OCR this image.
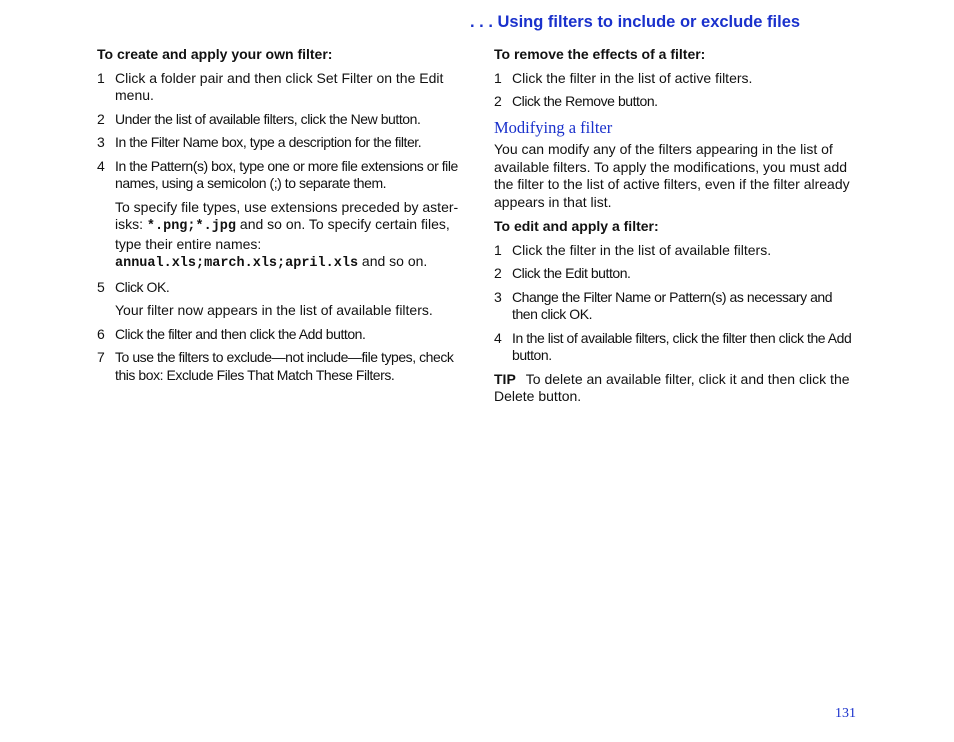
. . . Using filters to include or exclude files
To create and apply your own filter:
1 Click a folder pair and then click Set Filter on the Edit menu.
2 Under the list of available filters, click the New button.
3 In the Filter Name box, type a description for the filter.
4 In the Pattern(s) box, type one or more file extensions or file names, using a semicolon (;) to separate them.
To specify file types, use extensions preceded by aster-isks: *.png;*.jpg and so on. To specify certain files, type their entire names: annual.xls;march.xls;april.xls and so on.
5 Click OK.
Your filter now appears in the list of available filters.
6 Click the filter and then click the Add button.
7 To use the filters to exclude—not include—file types, check this box: Exclude Files That Match These Filters.
To remove the effects of a filter:
1 Click the filter in the list of active filters.
2 Click the Remove button.
Modifying a filter
You can modify any of the filters appearing in the list of available filters. To apply the modifications, you must add the filter to the list of active filters, even if the filter already appears in that list.
To edit and apply a filter:
1 Click the filter in the list of available filters.
2 Click the Edit button.
3 Change the Filter Name or Pattern(s) as necessary and then click OK.
4 In the list of available filters, click the filter then click the Add button.
TIP To delete an available filter, click it and then click the Delete button.
131
